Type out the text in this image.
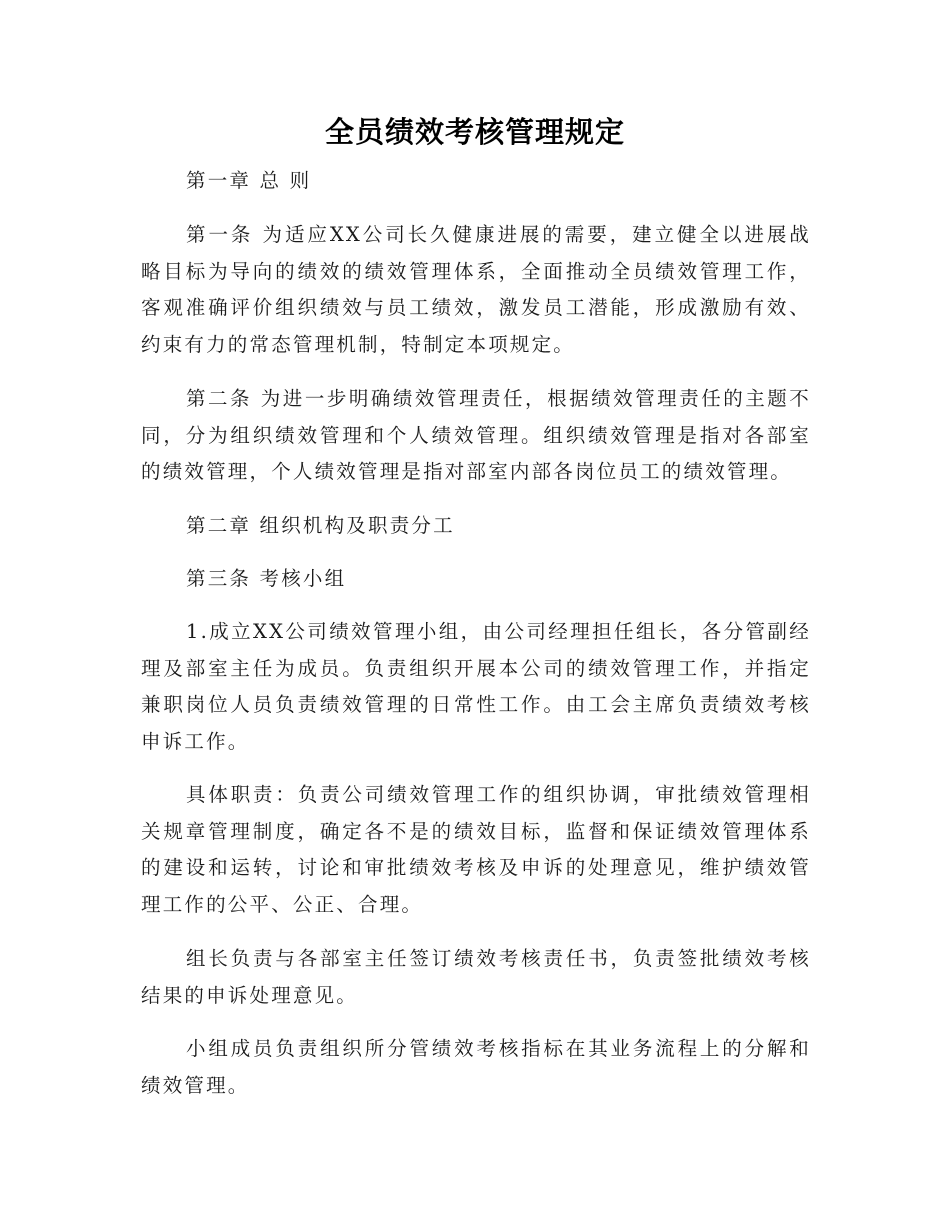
全员绩效考核管理规定

第一章 总 则

第一条 为适应XX公司长久健康进展的需要，建立健全以进展战略目标为导向的绩效的绩效管理体系，全面推动全员绩效管理工作，客观准确评价组织绩效与员工绩效，激发员工潜能，形成激励有效、约束有力的常态管理机制，特制定本项规定。

第二条 为进一步明确绩效管理责任，根据绩效管理责任的主题不同，分为组织绩效管理和个人绩效管理。组织绩效管理是指对各部室的绩效管理，个人绩效管理是指对部室内部各岗位员工的绩效管理。

第二章 组织机构及职责分工

第三条 考核小组

1.成立XX公司绩效管理小组，由公司经理担任组长，各分管副经理及部室主任为成员。负责组织开展本公司的绩效管理工作，并指定兼职岗位人员负责绩效管理的日常性工作。由工会主席负责绩效考核申诉工作。

具体职责：负责公司绩效管理工作的组织协调，审批绩效管理相关规章管理制度，确定各不是的绩效目标，监督和保证绩效管理体系的建设和运转，讨论和审批绩效考核及申诉的处理意见，维护绩效管理工作的公平、公正、合理。

组长负责与各部室主任签订绩效考核责任书，负责签批绩效考核结果的申诉处理意见。

小组成员负责组织所分管绩效考核指标在其业务流程上的分解和绩效管理。
